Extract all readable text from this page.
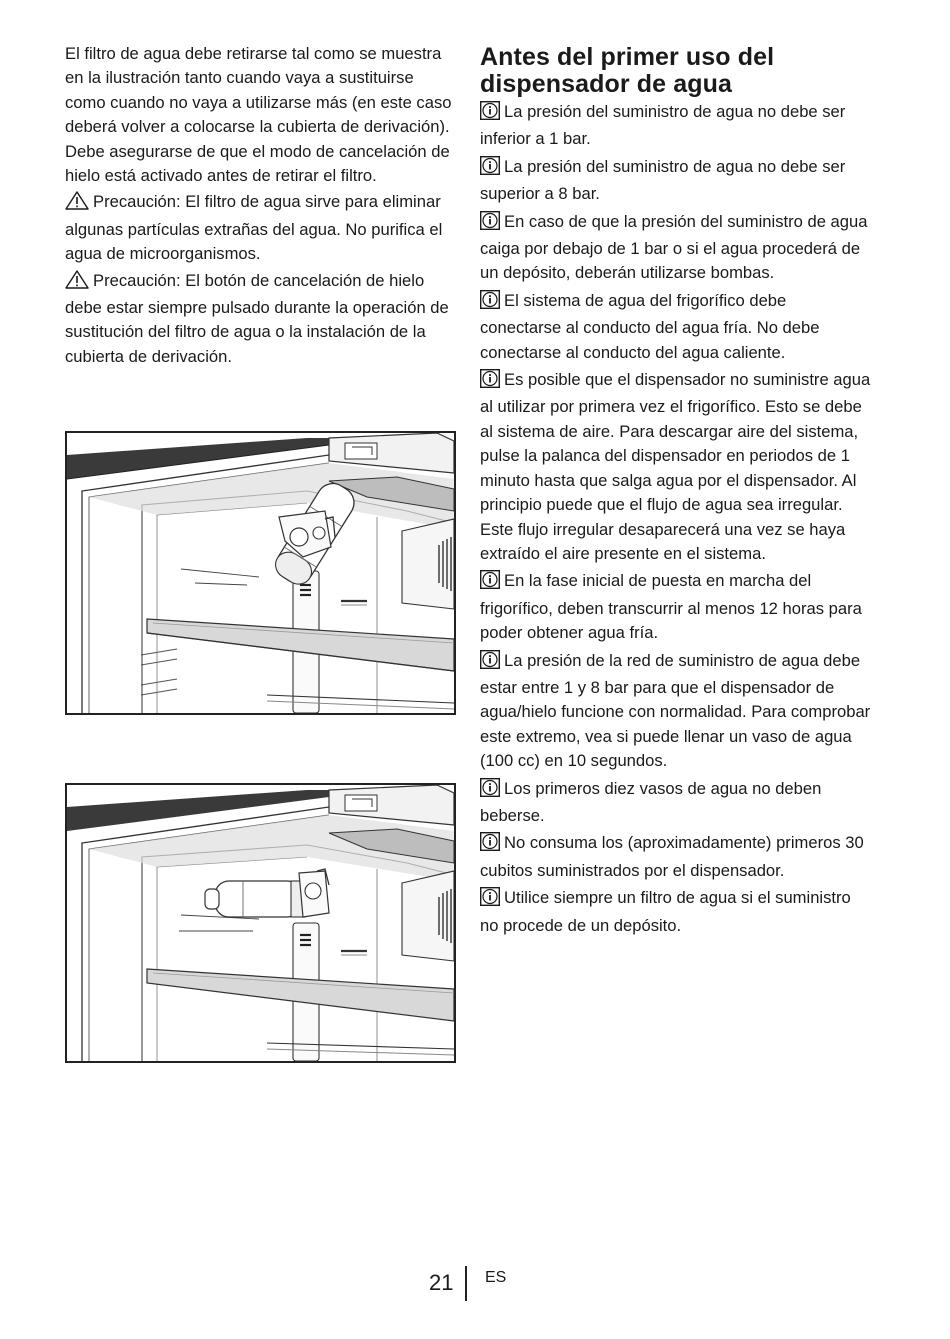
El filtro de agua debe retirarse tal como se muestra en la ilustración tanto cuando vaya a sustituirse como cuando no vaya a utilizarse más (en este caso deberá volver a colocarse la cubierta de derivación). Debe asegurarse de que el modo de cancelación de hielo está activado antes de retirar el filtro.

Precaución: El filtro de agua sirve para eliminar algunas partículas extrañas del agua. No purifica el agua de microorganismos.

Precaución: El botón de cancelación de hielo debe estar siempre pulsado durante la operación de sustitución del filtro de agua o la instalación de la cubierta de derivación.

Antes del primer uso del dispensador de agua

La presión del suministro de agua no debe ser inferior a 1 bar.

La presión del suministro de agua no debe ser superior a 8 bar.

En caso de que la presión del suministro de agua caiga por debajo de 1 bar o si el agua procederá de un depósito, deberán utilizarse bombas.

El sistema de agua del frigorífico debe conectarse al conducto del agua fría. No debe conectarse al conducto del agua caliente.

Es posible que el dispensador no suministre agua al utilizar por primera vez el frigorífico. Esto se debe al sistema de aire. Para descargar aire del sistema, pulse la palanca del dispensador en periodos de 1 minuto hasta que salga agua por el dispensador. Al principio puede que el flujo de agua sea irregular. Este flujo irregular desaparecerá una vez se haya extraído el aire presente en el sistema.

En la fase inicial de puesta en marcha del frigorífico, deben transcurrir al menos 12 horas para poder obtener agua fría.

La presión de la red de suministro de agua debe estar entre 1 y 8 bar para que el dispensador de agua/hielo funcione con normalidad. Para comprobar este extremo, vea si puede llenar un vaso de agua (100 cc) en 10 segundos.

Los primeros diez vasos de agua no deben beberse.

No consuma los (aproximadamente) primeros 30 cubitos suministrados por el dispensador.

Utilice siempre un filtro de agua si el suministro no procede de un depósito.

21 ES
